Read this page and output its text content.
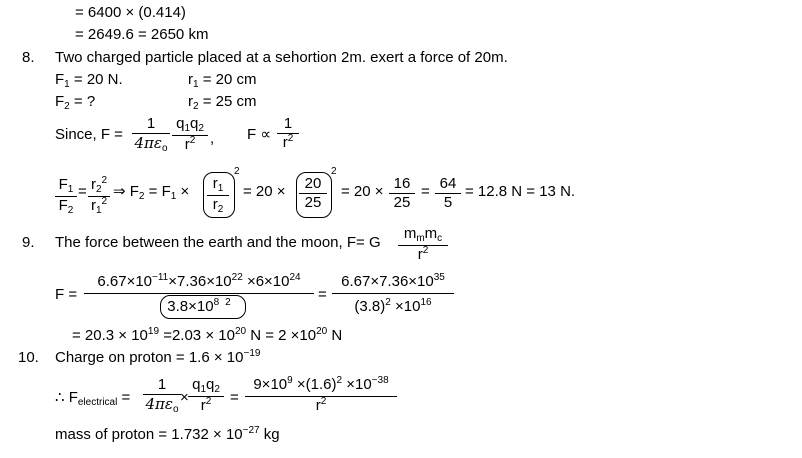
= 6400 × (0.414)
= 2649.6 = 2650 km
8. Two charged particle placed at a sehortion 2m. exert a force of 20m.
$F_1 = 20$ N.	$r_1 = 20$ cm
$F_2$ = ?	$r_2 = 25$ cm
Since, F =
1
$4\pi\varepsilon_o$
$q_1q_2$
$r^2$ , F ∝
1
$r^2$
$F_1$
$F_2$
= $r_2^2$
$r_1^2$
⇒ $F_2 = F_1$ ×	$r_1$
$r_2$
2
= 20 ×	20
25
2
= 20 × 16
25
= 64
5
= 12.8 N = 13 N.
9. The force between the earth and the moon, F= G
$m_mm_c$
$r^2$
F =
$6.67\times 10^{-11}\times 7.36\times 10^{22} \times 6\times 10^{24}$
$3.8\times 10^8$ $^2$	=
$6.67\times 7.36\times 10^{35}$
$(3.8)^2 \times 10^{16}$
= $20.3 \times 10^{19} =2.03 \times 10^{20}$ $N = 2 \times 10^{20}$ N
10. Charge on proton = $1.6 \times 10^{-19}$
∴ $F_{electrical}$ =
1
$4\pi\varepsilon_o$
×
$q_1q_2$
$r^2$	=
$9\times 10^9 \times(1.6)^2 \times 10^{-38}$
$r^2$
mass of proton = $1.732 \times 10^{-27}$ kg
